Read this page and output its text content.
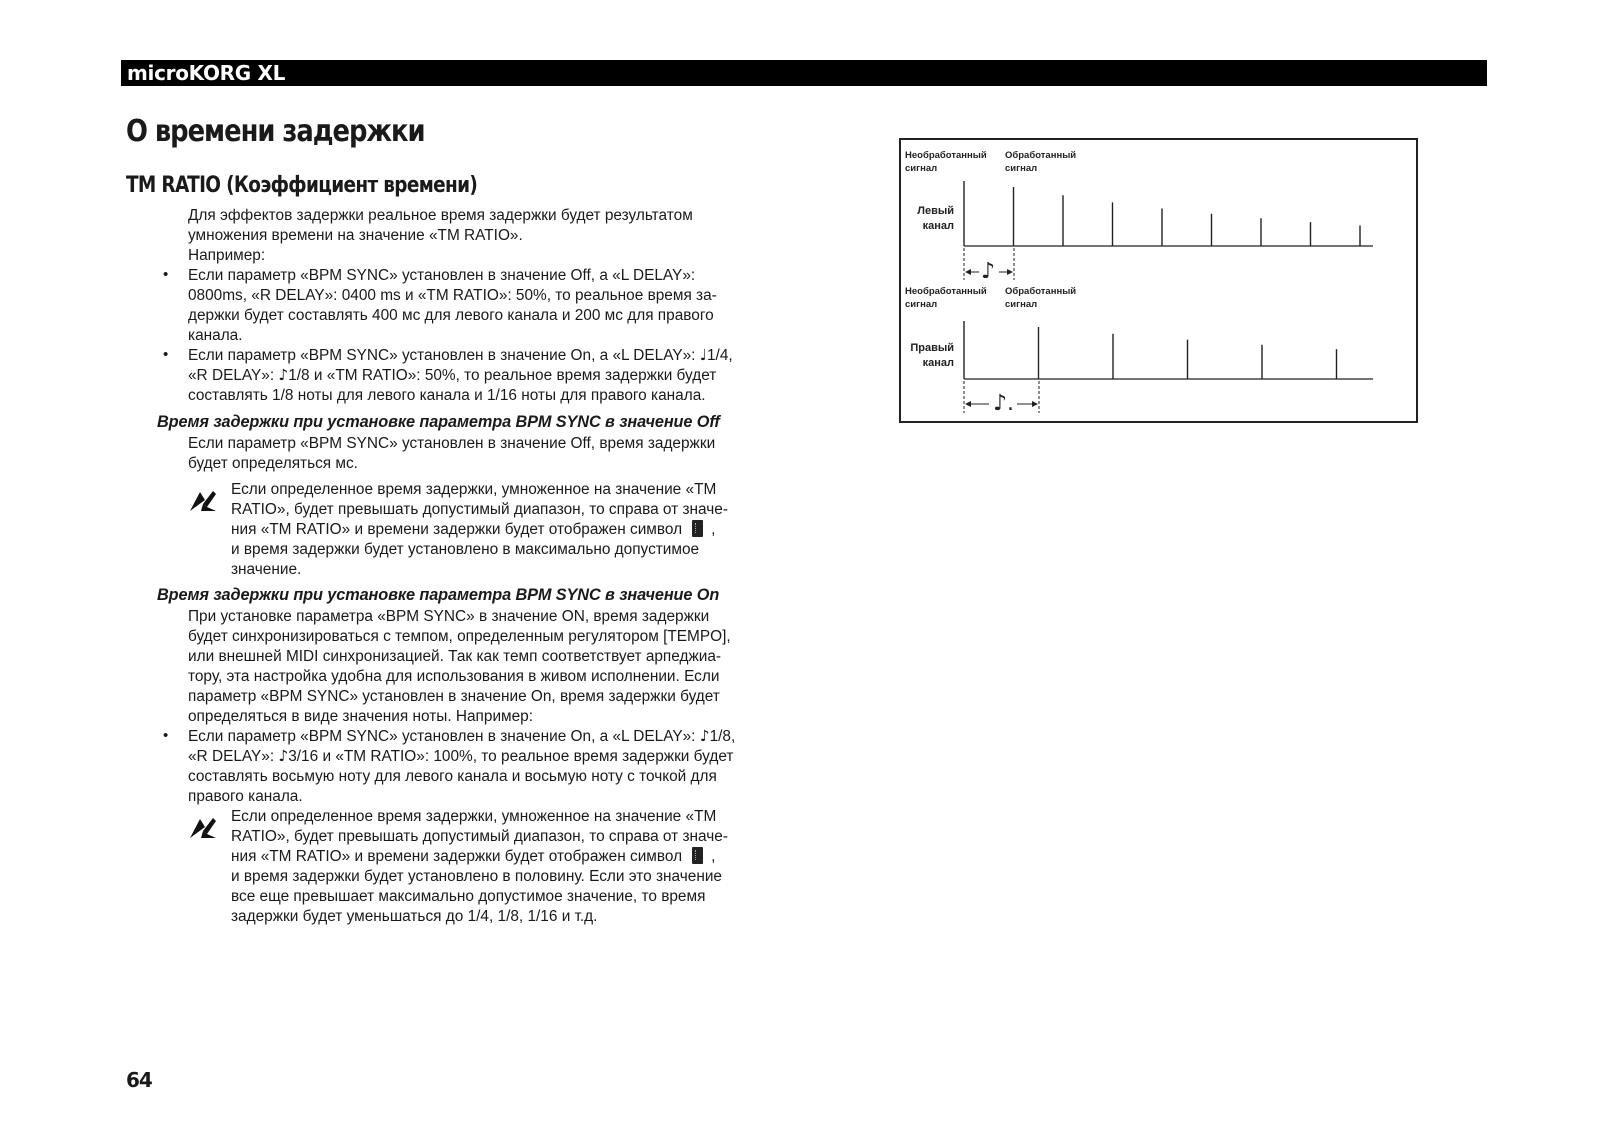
microKORG XL
О времени задержки
TM RATIO (Коэффициент времени)
Для эффектов задержки реальное время задержки будет результатом
умножения времени на значение «TM RATIO».
Например:
• Если параметр «BPM SYNC» установлен в значение Off, а «L DELAY»:
0800ms, «R DELAY»: 0400 ms и «TM RATIO»: 50%, то реальное время за-
держки будет составлять 400 мс для левого канала и 200 мс для правого
канала.
• Если параметр «BPM SYNC» установлен в значение On, а «L DELAY»: ♩1/4,
«R DELAY»: ♪1/8 и «TM RATIO»: 50%, то реальное время задержки будет
составлять 1/8 ноты для левого канала и 1/16 ноты для правого канала.
Время задержки при установке параметра BPM SYNC в значение Off
Если параметр «BPM SYNC» установлен в значение Off, время задержки
будет определяться мс.
Если определенное время задержки, умноженное на значение «TM
RATIO», будет превышать допустимый диапазон, то справа от значе-
ния «TM RATIO» и времени задержки будет отображен символ ,
и время задержки будет установлено в максимально допустимое
значение.
Время задержки при установке параметра BPM SYNC в значение On
При установке параметра «BPM SYNC» в значение ON, время задержки
будет синхронизироваться с темпом, определенным регулятором [TEMPO],
или внешней MIDI синхронизацией. Так как темп соответствует арпеджиа-
тору, эта настройка удобна для использования в живом исполнении. Если
параметр «BPM SYNC» установлен в значение On, время задержки будет
определяться в виде значения ноты. Например:
• Если параметр «BPM SYNC» установлен в значение On, а «L DELAY»: ♪1/8,
«R DELAY»: ♪3/16 и «TM RATIO»: 100%, то реальное время задержки будет
составлять восьмую ноту для левого канала и восьмую ноту с точкой для
правого канала.
Если определенное время задержки, умноженное на значение «TM
RATIO», будет превышать допустимый диапазон, то справа от значе-
ния «TM RATIO» и времени задержки будет отображен символ ,
и время задержки будет установлено в половину. Если это значение
все еще превышает максимально допустимое значение, то время
задержки будет уменьшаться до 1/4, 1/8, 1/16 и т.д.
Необработанный
сигнал
Обработанный
сигнал
Левый
канал
♪
Необработанный
сигнал
Обработанный
сигнал
Правый
канал
♪.
64
